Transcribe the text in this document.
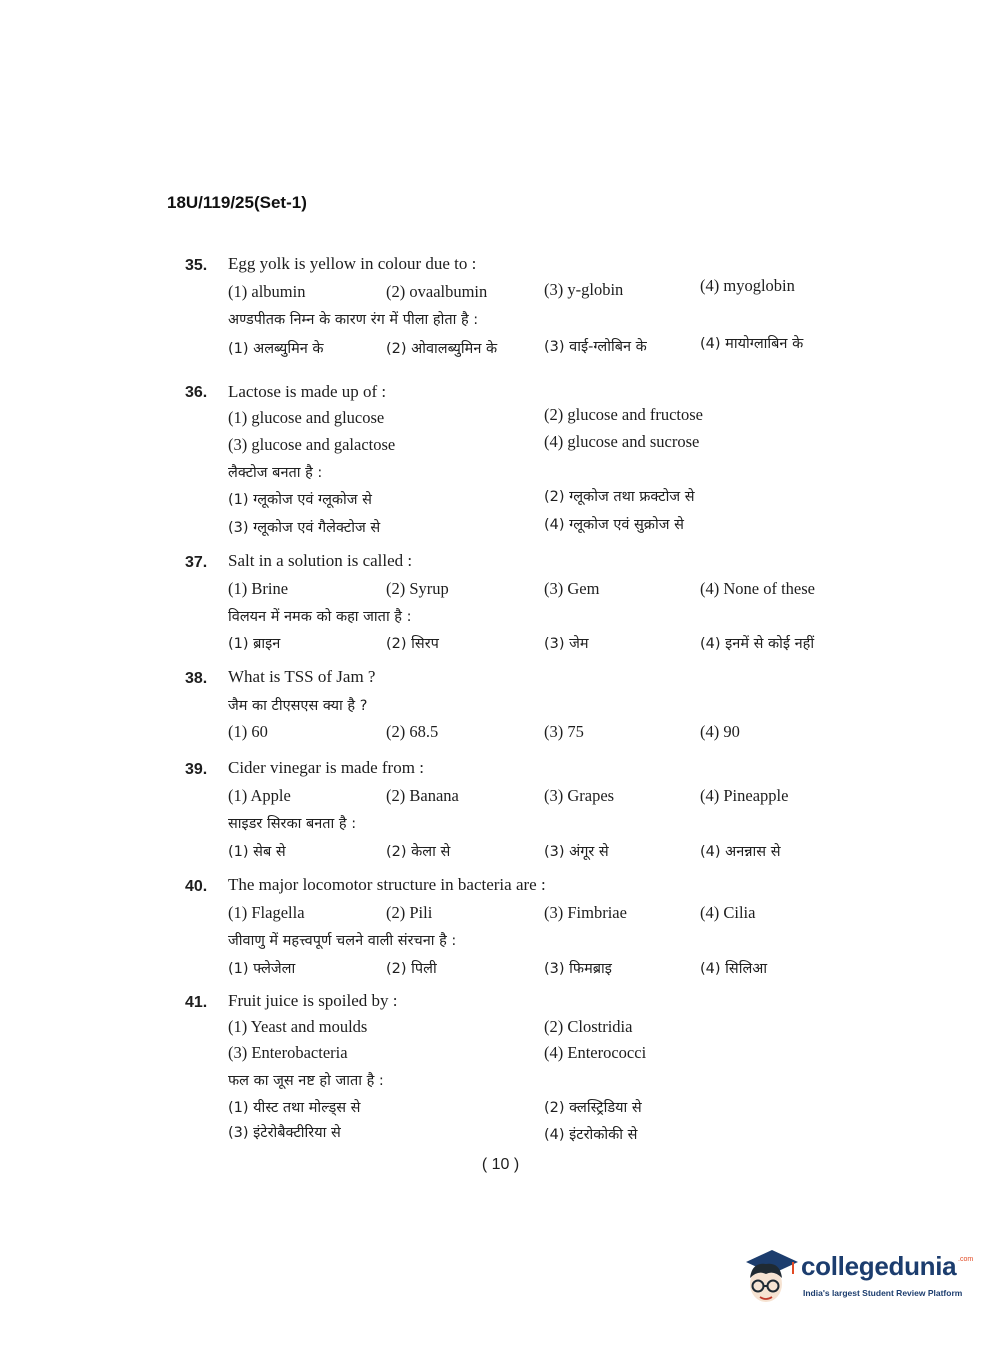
18U/119/25(Set-1)
35. Egg yolk is yellow in colour due to :
(1) albumin	(2) ovaalbumin	(3) y-globin	(4) myoglobin
अण्डपीतक निम्न के कारण रंग में पीला होता है :
(1) अलब्युमिन के	(2) ओवालब्युमिन के	(3) वाई-ग्लोबिन के	(4) मायोग्लाबिन के
36. Lactose is made up of :
(1) glucose and glucose	(2) glucose and fructose
(3) glucose and galactose	(4) glucose and sucrose
लैक्टोज बनता है :
(1) ग्लूकोज एवं ग्लूकोज से	(2) ग्लूकोज तथा फ्रक्टोज से
(3) ग्लूकोज एवं गैलेक्टोज से	(4) ग्लूकोज एवं सुक्रोज से
37. Salt in a solution is called :
(1) Brine	(2) Syrup	(3) Gem	(4) None of these
विलयन में नमक को कहा जाता है :
(1) ब्राइन	(2) सिरप	(3) जेम	(4) इनमें से कोई नहीं
38. What is TSS of Jam ?
जैम का टीएसएस क्या है ?
(1) 60	(2) 68.5	(3) 75	(4) 90
39. Cider vinegar is made from :
(1) Apple	(2) Banana	(3) Grapes	(4) Pineapple
साइडर सिरका बनता है :
(1) सेब से	(2) केला से	(3) अंगूर से	(4) अनन्नास से
40. The major locomotor structure in bacteria are :
(1) Flagella	(2) Pili	(3) Fimbriae	(4) Cilia
जीवाणु में महत्त्वपूर्ण चलने वाली संरचना है :
(1) फ्लेजेला	(2) पिली	(3) फिमब्राइ	(4) सिलिआ
41. Fruit juice is spoiled by :
(1) Yeast and moulds	(2) Clostridia
(3) Enterobacteria	(4) Enterococci
फल का जूस नष्ट हो जाता है :
(1) यीस्ट तथा मोल्ड्स से	(2) क्लस्ट्रिडिया से
(3) इंटेरोबैक्टीरिया से	(4) इंटरोकोकी से
( 10 )
collegedunia .com
India's largest Student Review Platform
